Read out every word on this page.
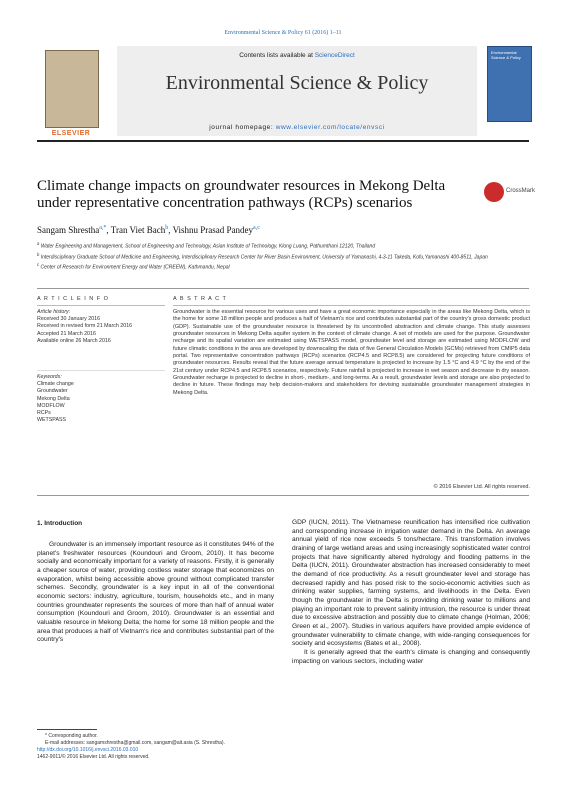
Environmental Science & Policy 61 (2016) 1–11
ELSEVIER
Contents lists available at ScienceDirect
Environmental Science & Policy
journal homepage: www.elsevier.com/locate/envsci
Environmental Science & Policy
Climate change impacts on groundwater resources in Mekong Delta under representative concentration pathways (RCPs) scenarios
CrossMark
Sangam Shrestha$^{a,*}$, Tran Viet Bach$^b$, Vishnu Prasad Pandey$^{a,c}$
$^a$ Water Engineering and Management, School of Engineering and Technology, Asian Institute of Technology, Klong Luang, Pathumthani 12120, Thailand
$^b$ Interdisciplinary Graduate School of Medicine and Engineering, Interdisciplinary Research Center for River Basin Environment, University of Yamanashi, 4-3-11 Takeda, Kofu,Yamanashi 400-8511, Japan
$^c$ Center of Research for Environment Energy and Water (CREEW), Kathmandu, Nepal
A R T I C L E I N F O	A B S T R A C T
Article history:
Received 30 January 2016
Received in revised form 21 March 2016
Accepted 21 March 2016
Available online 26 March 2016
Keywords:
Climate change
Groundwater
Mekong Delta
MODFLOW
RCPs
WETSPASS
Groundwater is the essential resource for various uses and have a great economic importance especially in the areas like Mekong Delta, which is the home for some 18 million people and produces a half of Vietnam's rice and contributes substantial part of the country's gross domestic product (GDP). Sustainable use of the groundwater resource is threatened by its uncontrolled abstraction and climate change. This study assesses groundwater resources in Mekong Delta aquifer system in the context of climate change. A set of models are used for the purpose. Groundwater recharge and its spatial variation are estimated using WETSPASS model, groundwater level and storage are estimated using MODFLOW and future climatic conditions in the area are developed by downscaling the data of five General Circulation Models (GCMs) retrieved from CMIP5 data portal. Two representative concentration pathways (RCPs) scenarios (RCP4.5 and RCP8.5) are considered for projecting future conditions of groundwater resources. Results reveal that the future average annual temperature is projected to increase by 1.5 °C and 4.9 °C by the end of the 21st century under RCP4.5 and RCP8.5 scenarios, respectively. Future rainfall is projected to increase in wet season and decrease in dry season. Groundwater recharge is projected to decline in short-, medium-, and long-terms. As a result, groundwater levels and storage are also projected to decline in future. These findings may help decision-makers and stakeholders for devising sustainable groundwater management strategies in Mekong Delta.
© 2016 Elsevier Ltd. All rights reserved.
1. Introduction
Groundwater is an immensely important resource as it constitutes 94% of the planet's freshwater resources (Koundouri and Groom, 2010). It has become socially and economically important for a variety of reasons. Firstly, it is generally a cheaper source of water, providing costless water storage that economizes on evaporation, whilst being accessible above ground without complicated transfer schemes. Secondly, groundwater is a key input in all of the conventional economic sectors: industry, agriculture, tourism, households etc., and in many countries groundwater represents the sources of more than half of annual water consumption (Koundouri and Groom, 2010). Groundwater is an essential and valuable resource in Mekong Delta; the home for some 18 million people and the area that produces a half of Vietnam's rice and contributes substantial part of the country's

GDP (IUCN, 2011). The Vietnamese reunification has intensified rice cultivation and corresponding increase in irrigation water demand in the Delta. An average annual yield of rice now exceeds 5 tons/hectare. This transformation involves draining of large wetland areas and using increasingly sophisticated water control projects that have significantly altered hydrology and flooding patterns in the Delta (IUCN, 2011). Groundwater abstraction has increased considerably to meet the demand of rice productivity. As a result groundwater level and storage has decreased rapidly and has posed risk to the socio-economic activities such as drinking water supplies, farming systems, and livelihoods in the Delta. Even though the groundwater in the Delta is providing drinking water to millions and playing an important role to prevent salinity intrusion, the resource is under threat due to excessive abstraction and possibly due to climate change (Holman, 2006; Green et al., 2007). Studies in various aquifers have provided ample evidence of groundwater vulnerability to climate change, with wide-ranging consequences for society and ecosystems (Bates et al., 2008).

It is generally agreed that the earth's climate is changing and consequently impacting on various sectors, including water

* Corresponding author.
E-mail addresses: sangamshrestha@gmail.com, sangam@ait.asia (S. Shrestha).
http://dx.doi.org/10.1016/j.envsci.2016.03.010
1462-9011/© 2016 Elsevier Ltd. All rights reserved.
